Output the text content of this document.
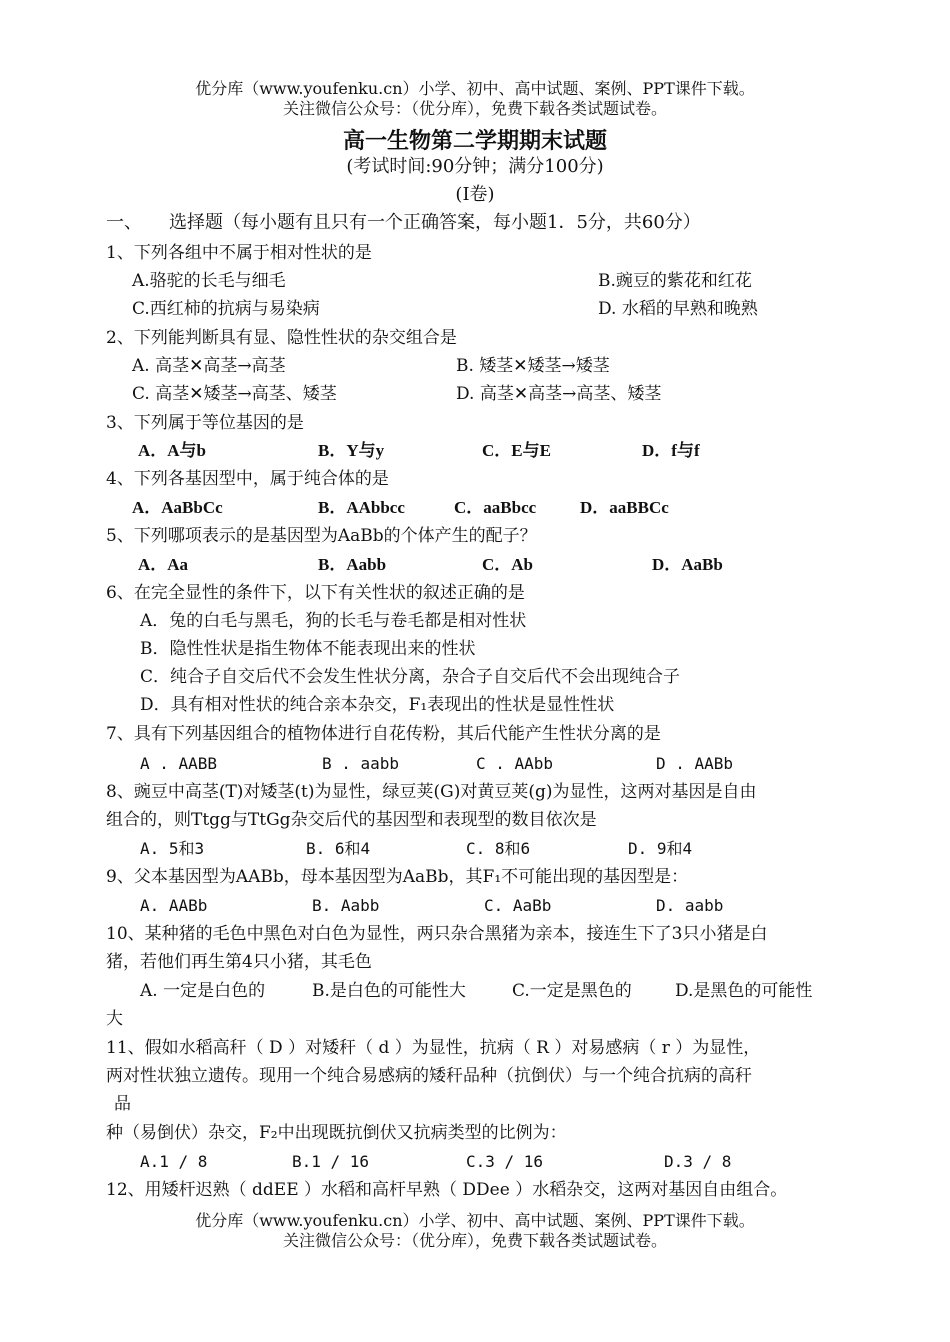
优分库（www.youfenku.cn）小学、初中、高中试题、案例、PPT课件下载。
关注微信公众号：（优分库），免费下载各类试题试卷。
高一生物第二学期期末试题
(考试时间:90分钟；满分100分)
(I卷)
一、　　选择题（每小题有且只有一个正确答案，每小题1．5分，共60分）
1、下列各组中不属于相对性状的是
A.骆驼的长毛与细毛	B.豌豆的紫花和红花
C.西红柿的抗病与易染病	D. 水稻的早熟和晚熟
2、下列能判断具有显、隐性性状的杂交组合是
A. 高茎✕高茎→高茎	B. 矮茎✕矮茎→矮茎
C. 高茎✕矮茎→高茎、矮茎	D. 高茎✕高茎→高茎、矮茎
3、下列属于等位基因的是
A．A与b	B．Y与y	C．E与E	D．f与f
4、下列各基因型中，属于纯合体的是
A．AaBbCc	B．AAbbcc	C．aaBbcc	D．aaBBCc
5、下列哪项表示的是基因型为AaBb的个体产生的配子？
A．Aa	B．Aabb	C．Ab	D．AaBb
6、在完全显性的条件下，以下有关性状的叙述正确的是
A．兔的白毛与黑毛，狗的长毛与卷毛都是相对性状
B．隐性性状是指生物体不能表现出来的性状
C．纯合子自交后代不会发生性状分离，杂合子自交后代不会出现纯合子
D．具有相对性状的纯合亲本杂交，F₁表现出的性状是显性性状
7、具有下列基因组合的植物体进行自花传粉，其后代能产生性状分离的是
A . AABB	B . aabb	C . AAbb	D . AABb
8、豌豆中高茎(T)对矮茎(t)为显性，绿豆荚(G)对黄豆荚(g)为显性，这两对基因是自由
组合的，则Ttgg与TtGg杂交后代的基因型和表现型的数目依次是
A. 5和3	B. 6和4	C. 8和6	D. 9和4
9、父本基因型为AABb，母本基因型为AaBb，其F₁不可能出现的基因型是：
A. AABb	B. Aabb	C. AaBb	D. aabb
10、某种猪的毛色中黑色对白色为显性，两只杂合黑猪为亲本，接连生下了3只小猪是白
猪，若他们再生第4只小猪，其毛色
A. 一定是白色的	B.是白色的可能性大	C.一定是黑色的	D.是黑色的可能性
大
11、假如水稻高秆（ D ）对矮秆（ d ）为显性，抗病（ R ）对易感病（ r ）为显性，
两对性状独立遗传。现用一个纯合易感病的矮秆品种（抗倒伏）与一个纯合抗病的高秆
品
种（易倒伏）杂交，F₂中出现既抗倒伏又抗病类型的比例为：
A.1 / 8	B.1 / 16	C.3 / 16	D.3 / 8
12、用矮杆迟熟（ ddEE ）水稻和高杆早熟（ DDee ）水稻杂交，这两对基因自由组合。
优分库（www.youfenku.cn）小学、初中、高中试题、案例、PPT课件下载。
关注微信公众号：（优分库），免费下载各类试题试卷。
